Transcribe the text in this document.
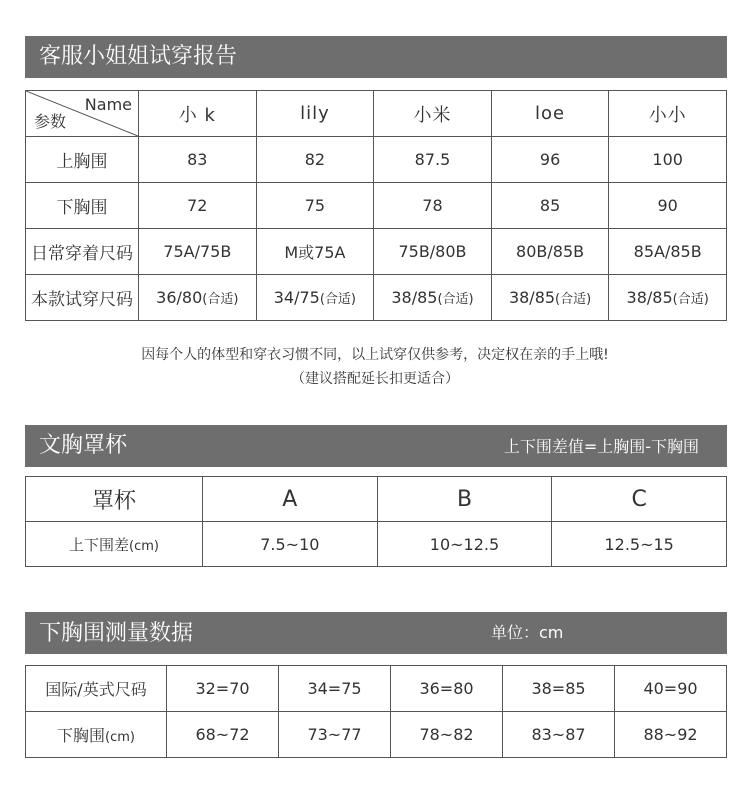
客服小姐姐试穿报告
Name
参数	小 k	lily	小米	loe	小小
上胸围	83	82	87.5	96	100
下胸围	72	75	78	85	90
日常穿着尺码	75A/75B	M或75A	75B/80B	80B/85B	85A/85B
本款试穿尺码	36/80(合适)	34/75(合适)	38/85(合适)	38/85(合适)	38/85(合适)
因每个人的体型和穿衣习惯不同，以上试穿仅供参考，决定权在亲的手上哦!
（建议搭配延长扣更适合）
文胸罩杯	上下围差值=上胸围-下胸围
罩杯	A	B	C
上下围差(cm)	7.5~10	10~12.5	12.5~15
下胸围测量数据	单位：cm
国际/英式尺码	32=70	34=75	36=80	38=85	40=90
下胸围(cm)	68~72	73~77	78~82	83~87	88~92
